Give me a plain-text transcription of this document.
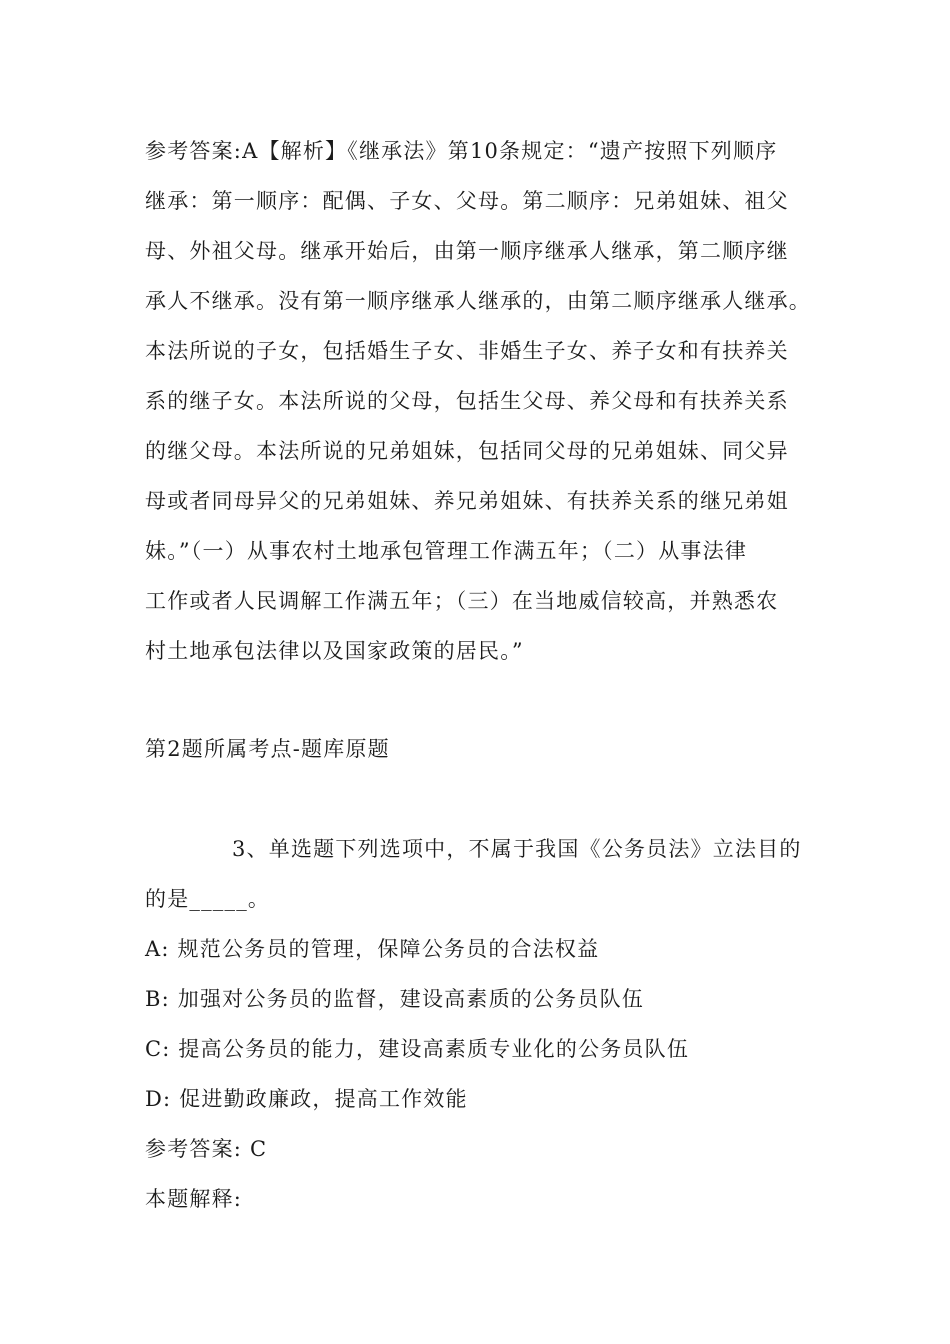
参考答案:A【解析】《继承法》第10条规定：“遗产按照下列顺序
继承：第一顺序：配偶、子女、父母。第二顺序：兄弟姐妹、祖父
母、外祖父母。继承开始后，由第一顺序继承人继承，第二顺序继
承人不继承。没有第一顺序继承人继承的，由第二顺序继承人继承。
本法所说的子女，包括婚生子女、非婚生子女、养子女和有扶养关
系的继子女。本法所说的父母，包括生父母、养父母和有扶养关系
的继父母。本法所说的兄弟姐妹，包括同父母的兄弟姐妹、同父异
母或者同母异父的兄弟姐妹、养兄弟姐妹、有扶养关系的继兄弟姐
妹。”（一）从事农村土地承包管理工作满五年；（二）从事法律
工作或者人民调解工作满五年；（三）在当地威信较高，并熟悉农
村土地承包法律以及国家政策的居民。”
第2题所属考点-题库原题
3、单选题下列选项中，不属于我国《公务员法》立法目的
的是_____。
A: 规范公务员的管理，保障公务员的合法权益
B: 加强对公务员的监督，建设高素质的公务员队伍
C: 提高公务员的能力，建设高素质专业化的公务员队伍
D: 促进勤政廉政，提高工作效能
参考答案: C
本题解释:
